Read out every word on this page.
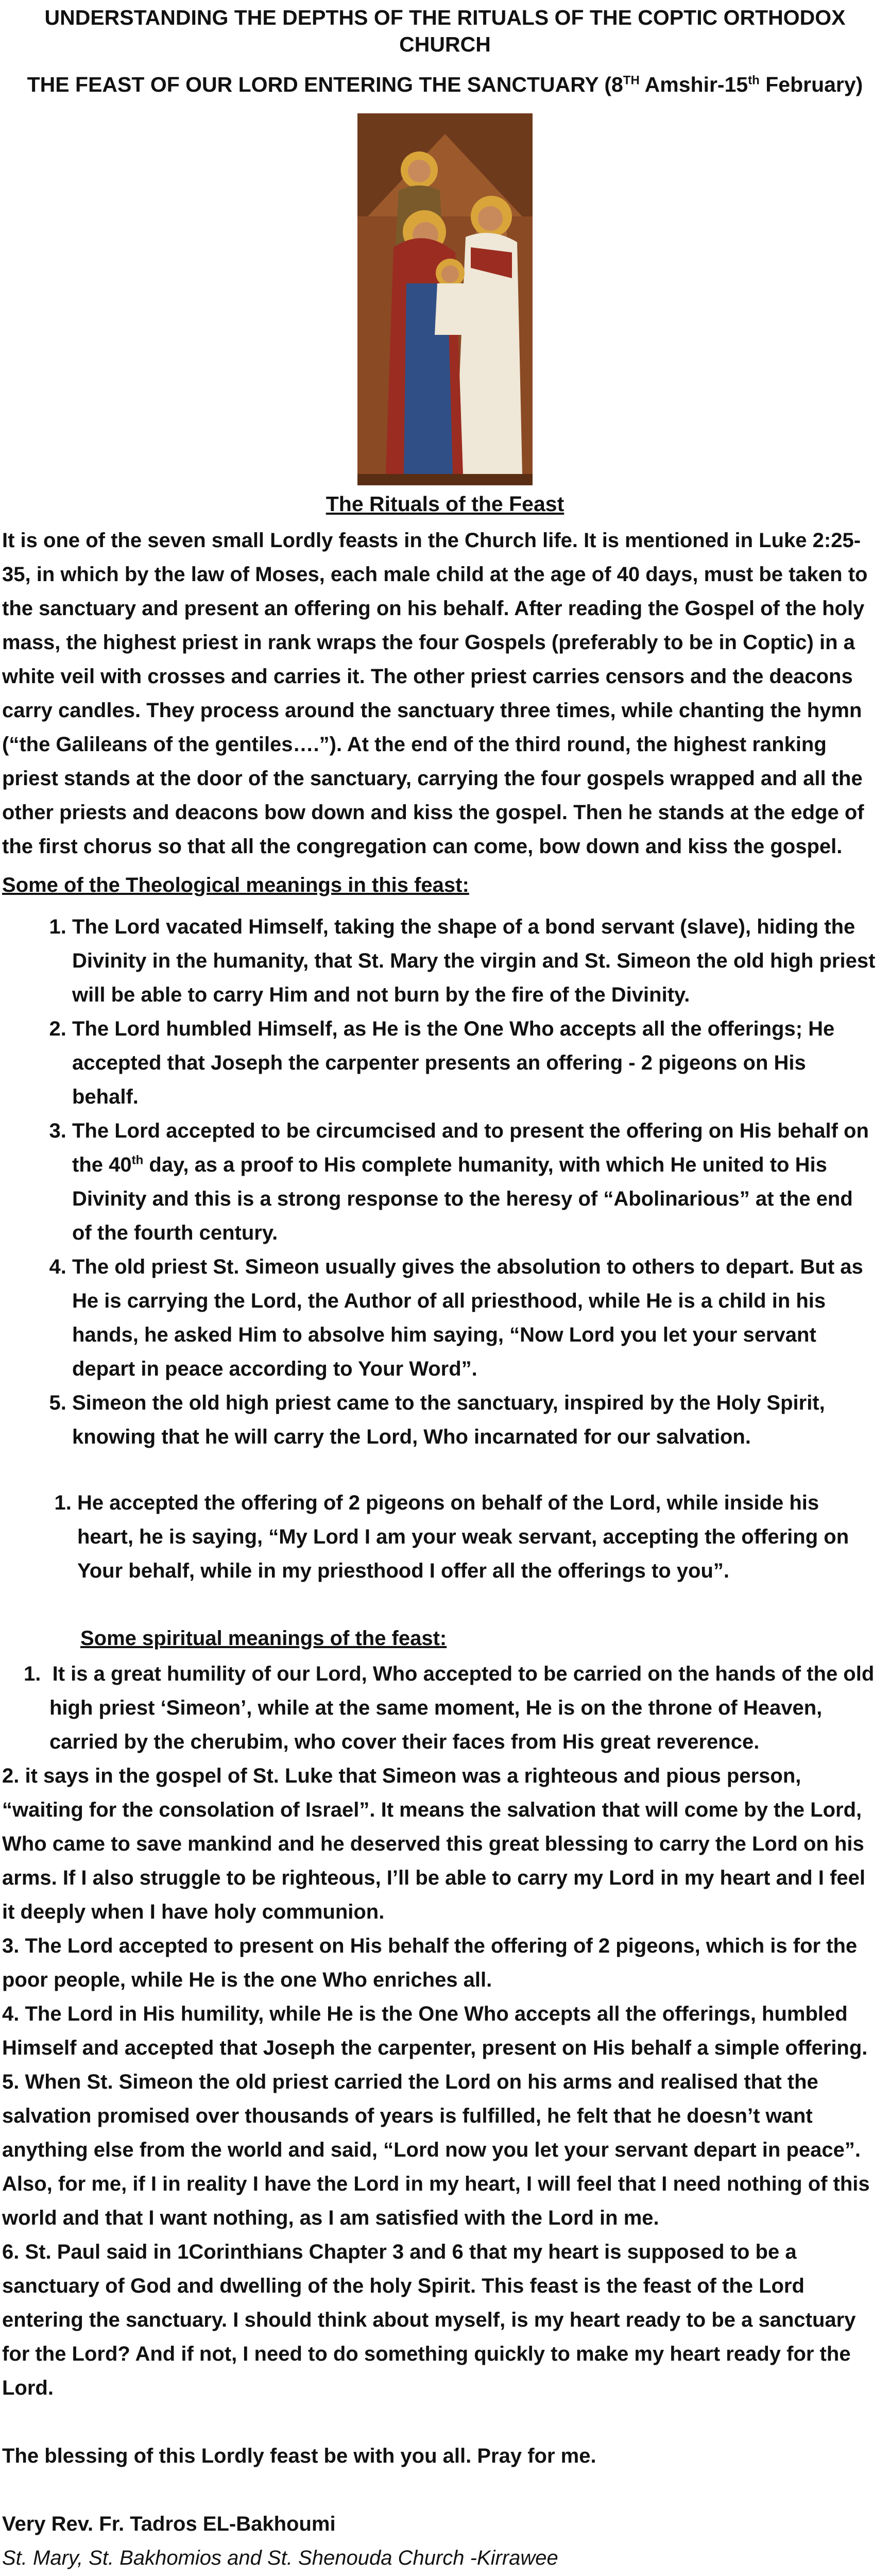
UNDERSTANDING THE DEPTHS OF THE RITUALS OF THE COPTIC ORTHODOX CHURCH
THE FEAST OF OUR LORD ENTERING THE SANCTUARY (8TH Amshir-15th February)
The Rituals of the Feast
It is one of the seven small Lordly feasts in the Church life. It is mentioned in Luke 2:25-35, in which by the law of Moses, each male child at the age of 40 days, must be taken to the sanctuary and present an offering on his behalf. After reading the Gospel of the holy mass, the highest priest in rank wraps the four Gospels (preferably to be in Coptic) in a white veil with crosses and carries it. The other priest carries censors and the deacons carry candles. They process around the sanctuary three times, while chanting the hymn (“the Galileans of the gentiles….”). At the end of the third round, the highest ranking priest stands at the door of the sanctuary, carrying the four gospels wrapped and all the other priests and deacons bow down and kiss the gospel. Then he stands at the edge of the first chorus so that all the congregation can come, bow down and kiss the gospel.
Some of the Theological meanings in this feast:
1. The Lord vacated Himself, taking the shape of a bond servant (slave), hiding the Divinity in the humanity, that St. Mary the virgin and St. Simeon the old high priest will be able to carry Him and not burn by the fire of the Divinity.
2. The Lord humbled Himself, as He is the One Who accepts all the offerings; He accepted that Joseph the carpenter presents an offering - 2 pigeons on His behalf.
3. The Lord accepted to be circumcised and to present the offering on His behalf on the 40th day, as a proof to His complete humanity, with which He united to His Divinity and this is a strong response to the heresy of “Abolinarious” at the end of the fourth century.
4. The old priest St. Simeon usually gives the absolution to others to depart. But as He is carrying the Lord, the Author of all priesthood, while He is a child in his hands, he asked Him to absolve him saying, “Now Lord you let your servant depart in peace according to Your Word”.
5. Simeon the old high priest came to the sanctuary, inspired by the Holy Spirit, knowing that he will carry the Lord, Who incarnated for our salvation.
1. He accepted the offering of 2 pigeons on behalf of the Lord, while inside his heart, he is saying, “My Lord I am your weak servant, accepting the offering on Your behalf, while in my priesthood I offer all the offerings to you”.
Some spiritual meanings of the feast:

1. It is a great humility of our Lord, Who accepted to be carried on the hands of the old high priest ‘Simeon’, while at the same moment, He is on the throne of Heaven, carried by the cherubim, who cover their faces from His great reverence.

2. it says in the gospel of St. Luke that Simeon was a righteous and pious person, “waiting for the consolation of Israel”. It means the salvation that will come by the Lord, Who came to save mankind and he deserved this great blessing to carry the Lord on his arms. If I also struggle to be righteous, I’ll be able to carry my Lord in my heart and I feel it deeply when I have holy communion.

3. The Lord accepted to present on His behalf the offering of 2 pigeons, which is for the poor people, while He is the one Who enriches all.

4. The Lord in His humility, while He is the One Who accepts all the offerings, humbled Himself and accepted that Joseph the carpenter, present on His behalf a simple offering.

5. When St. Simeon the old priest carried the Lord on his arms and realised that the salvation promised over thousands of years is fulfilled, he felt that he doesn’t want anything else from the world and said, “Lord now you let your servant depart in peace”. Also, for me, if I in reality I have the Lord in my heart, I will feel that I need nothing of this world and that I want nothing, as I am satisfied with the Lord in me.

6. St. Paul said in 1Corinthians Chapter 3 and 6 that my heart is supposed to be a sanctuary of God and dwelling of the holy Spirit. This feast is the feast of the Lord entering the sanctuary. I should think about myself, is my heart ready to be a sanctuary for the Lord? And if not, I need to do something quickly to make my heart ready for the Lord.

The blessing of this Lordly feast be with you all. Pray for me.
Very Rev. Fr. Tadros EL-Bakhoumi
St. Mary, St. Bakhomios and St. Shenouda Church -Kirrawee
